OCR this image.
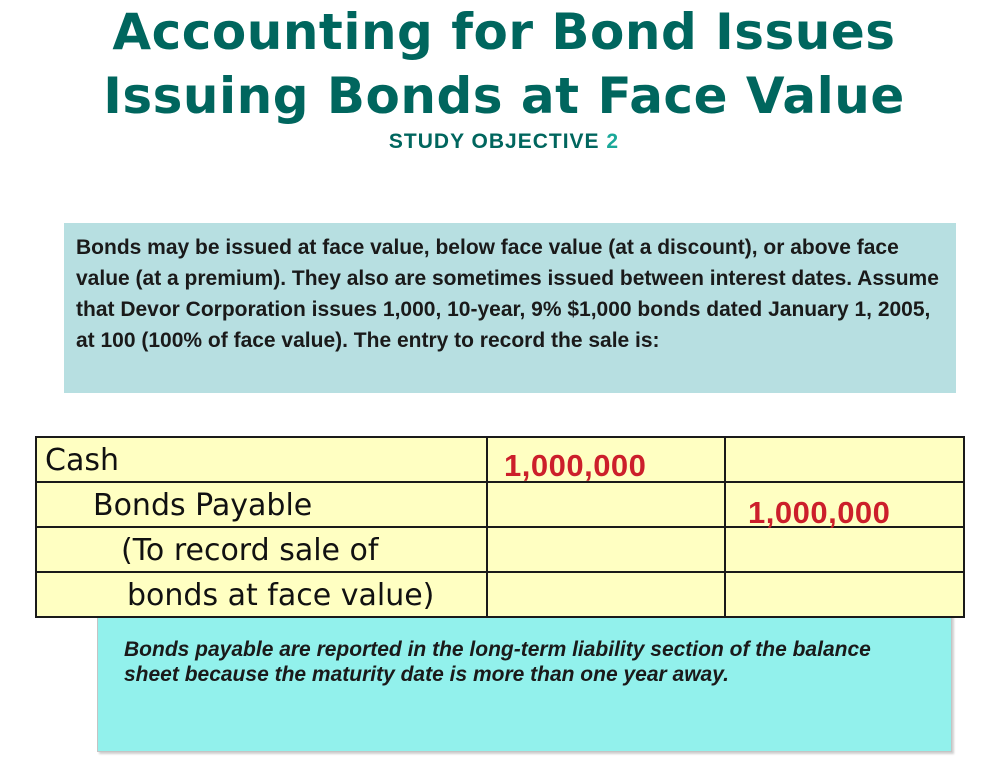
Accounting for Bond Issues
Issuing Bonds at Face Value
STUDY OBJECTIVE 2

Bonds may be issued at face value, below face value (at a discount), or above face value (at a premium). They also are sometimes issued between interest dates. Assume that Devor Corporation issues 1,000, 10-year, 9% $1,000 bonds dated January 1, 2005, at 100 (100% of face value). The entry to record the sale is:

Bonds payable are reported in the long-term liability section of the balance sheet because the maturity date is more than one year away.

Cash	1,000,000	

Bonds Payable		1,000,000

(To record sale of		

bonds at face value)		
